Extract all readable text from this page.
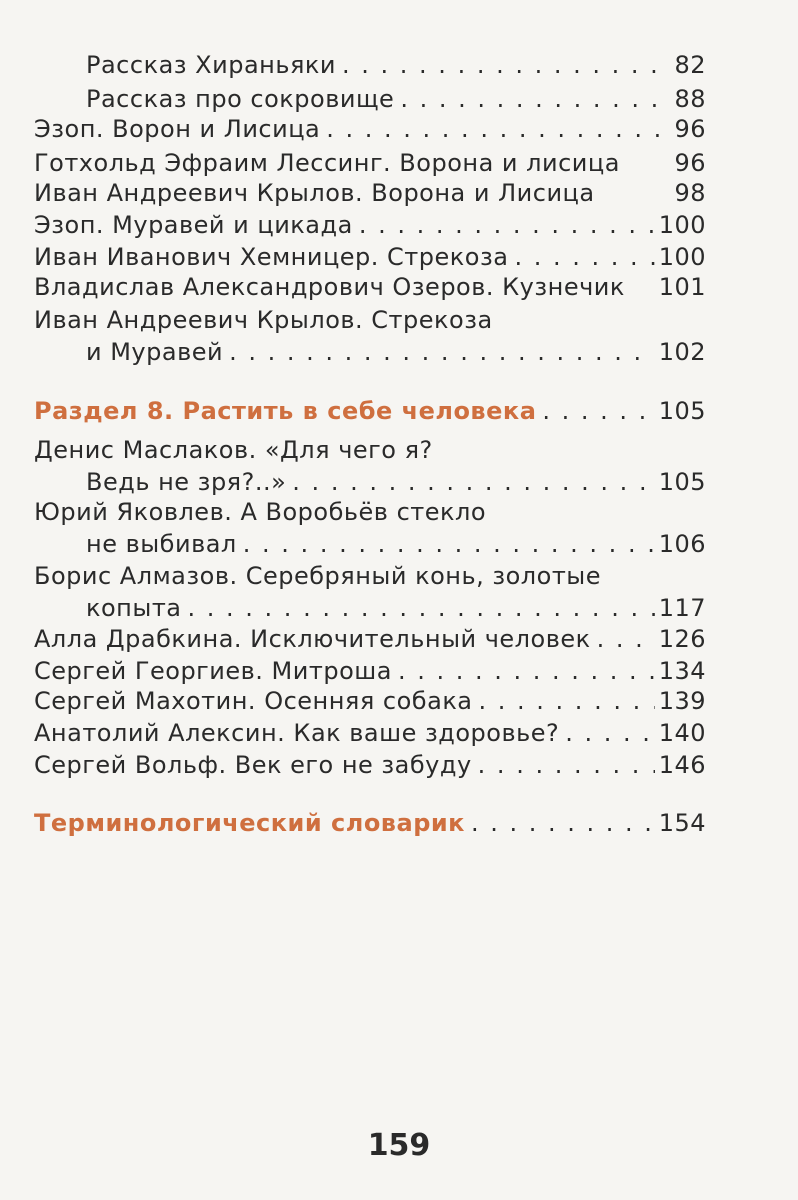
Рассказ Хираньяки . . .	82
Рассказ про сокровище . . .	88
Эзоп. Ворон и Лисица . . .	96
Готхольд Эфраим Лессинг. Ворона и лисица 96
Иван Андреевич Крылов. Ворона и Лисица	98
Эзоп. Муравей и цикада . . .	100
Иван Иванович Хемницер. Стрекоза . . .	100
Владислав Александрович Озеров. Кузнечик 101
Иван Андреевич Крылов. Стрекоза
и Муравей . . .	102
Раздел 8. Растить в себе человека . . .	105
Денис Маслаков. «Для чего я?
Ведь не зря?..» . . .	105
Юрий Яковлев. А Воробьёв стекло
не выбивал . . .	106
Борис Алмазов. Серебряный конь, золотые
копыта . . .	117
Алла Драбкина. Исключительный человек . . .	126
Сергей Георгиев. Митроша . . .	134
Сергей Махотин. Осенняя собака . . .	139
Анатолий Алексин. Как ваше здоровье? . . .	140
Сергей Вольф. Век его не забуду . . .	146
Терминологический словарик . . .	154
159
